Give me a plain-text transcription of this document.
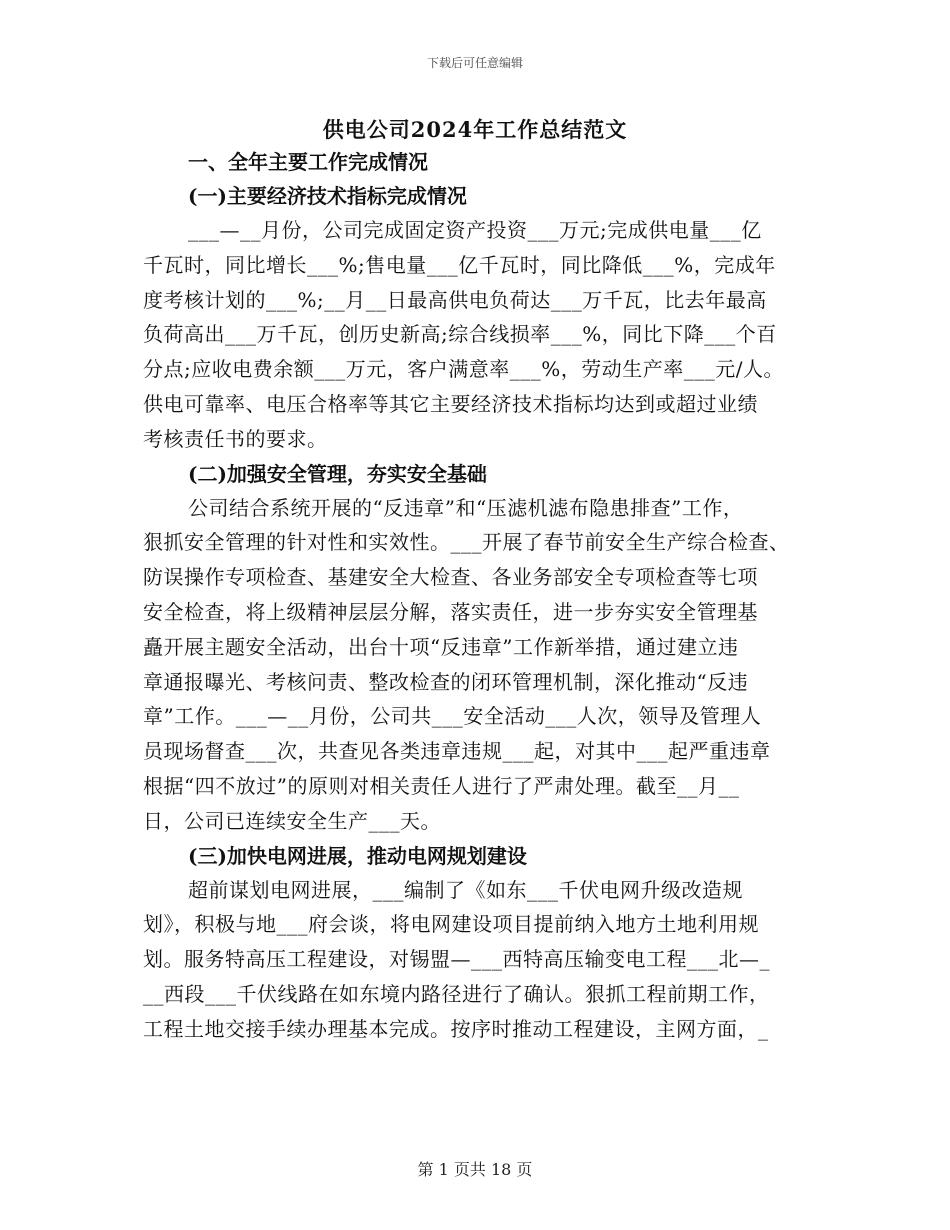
下载后可任意编辑
供电公司2024年工作总结范文

一、全年主要工作完成情况

(一)主要经济技术指标完成情况

___—__月份，公司完成固定资产投资___万元;完成供电量___亿
千瓦时，同比增长___%;售电量___亿千瓦时，同比降低___%，完成年
度考核计划的___%;__月__日最高供电负荷达___万千瓦，比去年最高
负荷高出___万千瓦，创历史新高;综合线损率___%，同比下降___个百
分点;应收电费余额___万元，客户满意率___%，劳动生产率___元/人。
供电可靠率、电压合格率等其它主要经济技术指标均达到或超过业绩
考核责任书的要求。

(二)加强安全管理，夯实安全基础

公司结合系统开展的“反违章”和“压滤机滤布隐患排查”工作，
狠抓安全管理的针对性和实效性。___开展了春节前安全生产综合检查、
防误操作专项检查、基建安全大检查、各业务部安全专项检查等七项
安全检查，将上级精神层层分解，落实责任，进一步夯实安全管理基
矗开展主题安全活动，出台十项“反违章”工作新举措，通过建立违
章通报曝光、考核问责、整改检查的闭环管理机制，深化推动“反违
章”工作。___—__月份，公司共___安全活动___人次，领导及管理人
员现场督查___次，共查见各类违章违规___起，对其中___起严重违章
根据“四不放过”的原则对相关责任人进行了严肃处理。截至__月__
日，公司已连续安全生产___天。

(三)加快电网进展，推动电网规划建设

超前谋划电网进展，___编制了《如东___千伏电网升级改造规
划》，积极与地___府会谈，将电网建设项目提前纳入地方土地利用规
划。服务特高压工程建设，对锡盟—___西特高压输变电工程___北—_
__西段___千伏线路在如东境内路径进行了确认。狠抓工程前期工作，
工程土地交接手续办理基本完成。按序时推动工程建设，主网方面，_

第 1 页共 18 页
